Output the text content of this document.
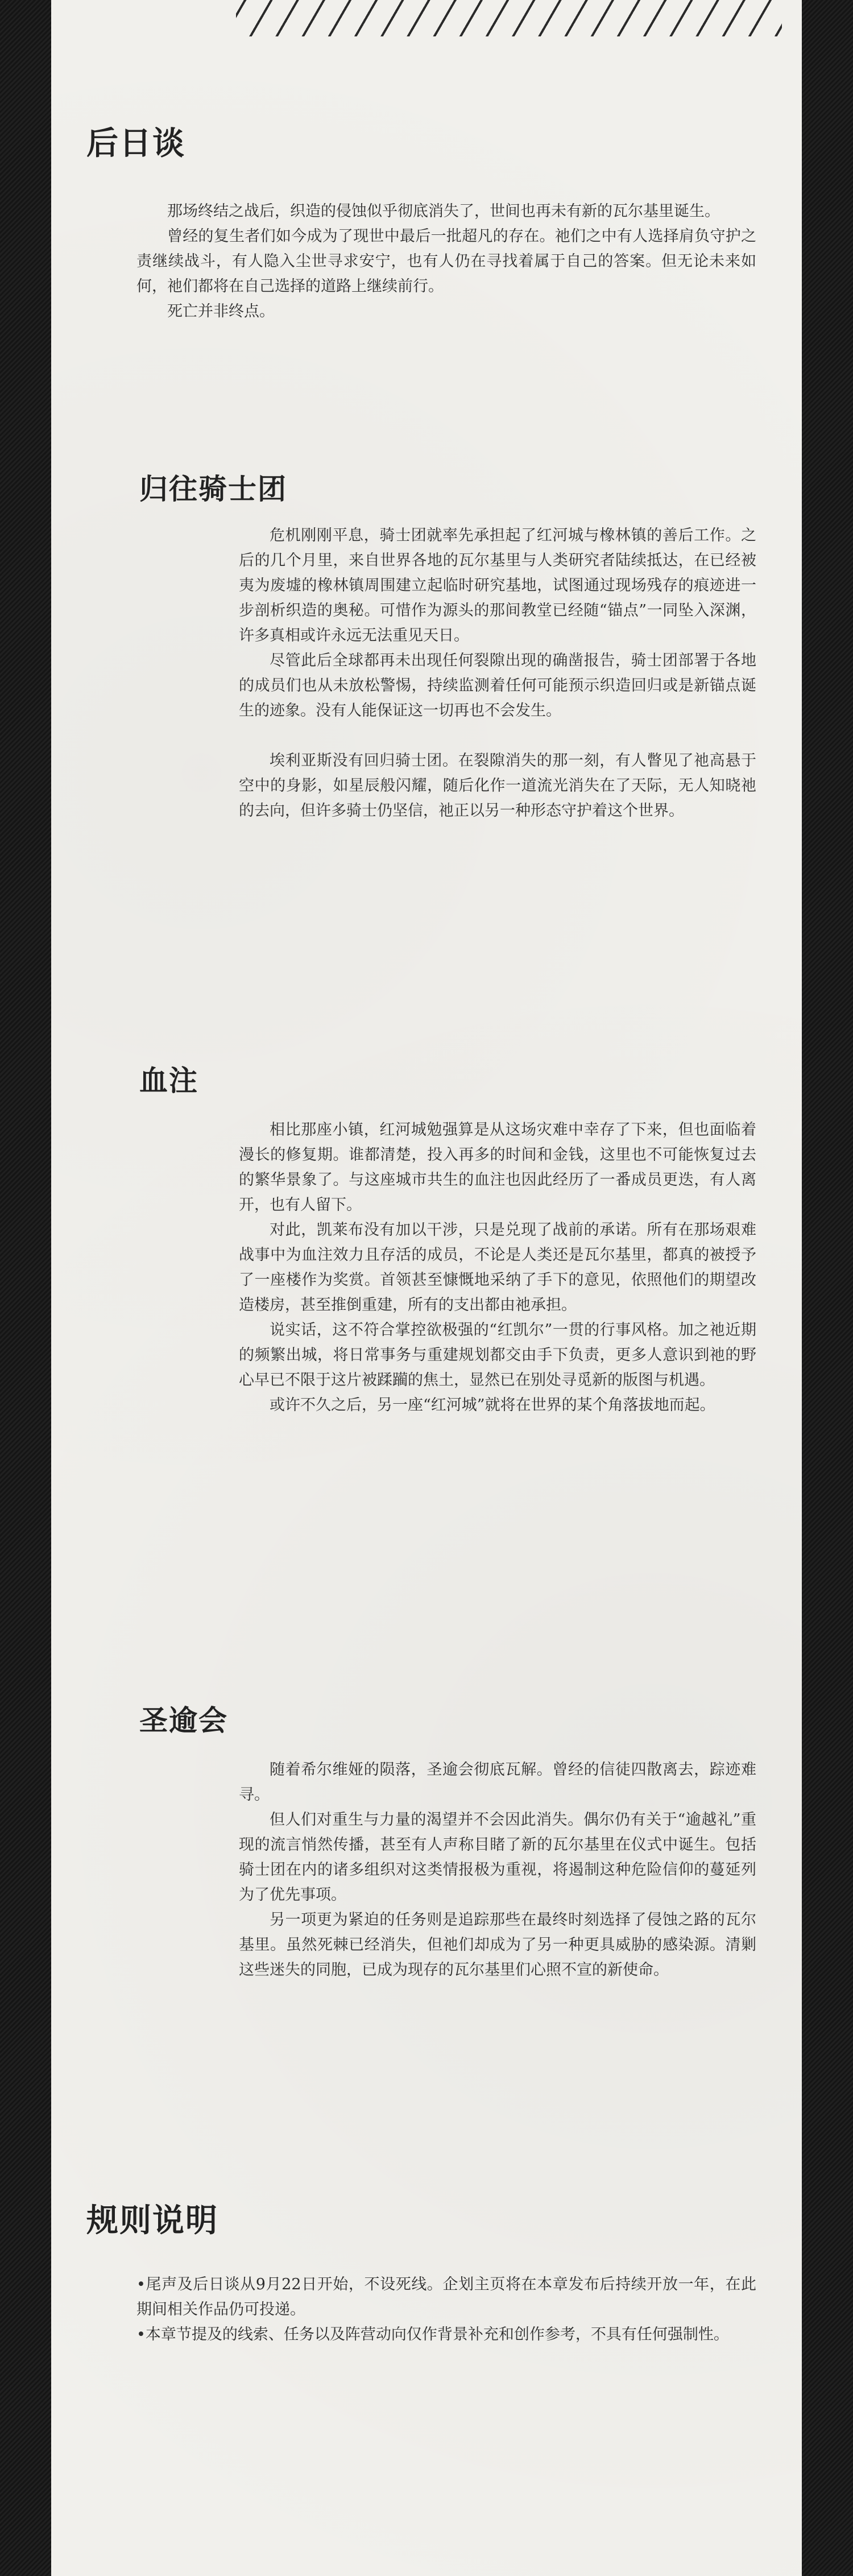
后日谈

那场终结之战后，织造的侵蚀似乎彻底消失了，世间也再未有新的瓦尔基里诞生。

曾经的复生者们如今成为了现世中最后一批超凡的存在。祂们之中有人选择肩负守护之责继续战斗，有人隐入尘世寻求安宁，也有人仍在寻找着属于自己的答案。但无论未来如何，祂们都将在自己选择的道路上继续前行。

死亡并非终点。

归往骑士团

危机刚刚平息，骑士团就率先承担起了红河城与橡林镇的善后工作。之后的几个月里，来自世界各地的瓦尔基里与人类研究者陆续抵达，在已经被夷为废墟的橡林镇周围建立起临时研究基地，试图通过现场残存的痕迹进一步剖析织造的奥秘。可惜作为源头的那间教堂已经随“锚点”一同坠入深渊，许多真相或许永远无法重见天日。

尽管此后全球都再未出现任何裂隙出现的确凿报告，骑士团部署于各地的成员们也从未放松警惕，持续监测着任何可能预示织造回归或是新锚点诞生的迹象。没有人能保证这一切再也不会发生。

埃利亚斯没有回归骑士团。在裂隙消失的那一刻，有人瞥见了祂高悬于空中的身影，如星辰般闪耀，随后化作一道流光消失在了天际，无人知晓祂的去向，但许多骑士仍坚信，祂正以另一种形态守护着这个世界。

血注

相比那座小镇，红河城勉强算是从这场灾难中幸存了下来，但也面临着漫长的修复期。谁都清楚，投入再多的时间和金钱，这里也不可能恢复过去的繁华景象了。与这座城市共生的血注也因此经历了一番成员更迭，有人离开，也有人留下。

对此，凯莱布没有加以干涉，只是兑现了战前的承诺。所有在那场艰难战事中为血注效力且存活的成员，不论是人类还是瓦尔基里，都真的被授予了一座楼作为奖赏。首领甚至慷慨地采纳了手下的意见，依照他们的期望改造楼房，甚至推倒重建，所有的支出都由祂承担。

说实话，这不符合掌控欲极强的“红凯尔”一贯的行事风格。加之祂近期的频繁出城，将日常事务与重建规划都交由手下负责，更多人意识到祂的野心早已不限于这片被蹂躏的焦土，显然已在别处寻觅新的版图与机遇。

或许不久之后，另一座“红河城”就将在世界的某个角落拔地而起。

圣逾会

随着希尔维娅的陨落，圣逾会彻底瓦解。曾经的信徒四散离去，踪迹难寻。

但人们对重生与力量的渴望并不会因此消失。偶尔仍有关于“逾越礼”重现的流言悄然传播，甚至有人声称目睹了新的瓦尔基里在仪式中诞生。包括骑士团在内的诸多组织对这类情报极为重视，将遏制这种危险信仰的蔓延列为了优先事项。

另一项更为紧迫的任务则是追踪那些在最终时刻选择了侵蚀之路的瓦尔基里。虽然死棘已经消失，但祂们却成为了另一种更具威胁的感染源。清剿这些迷失的同胞，已成为现存的瓦尔基里们心照不宣的新使命。

规则说明

•尾声及后日谈从9月22日开始，不设死线。企划主页将在本章发布后持续开放一年，在此期间相关作品仍可投递。

•本章节提及的线索、任务以及阵营动向仅作背景补充和创作参考，不具有任何强制性。
